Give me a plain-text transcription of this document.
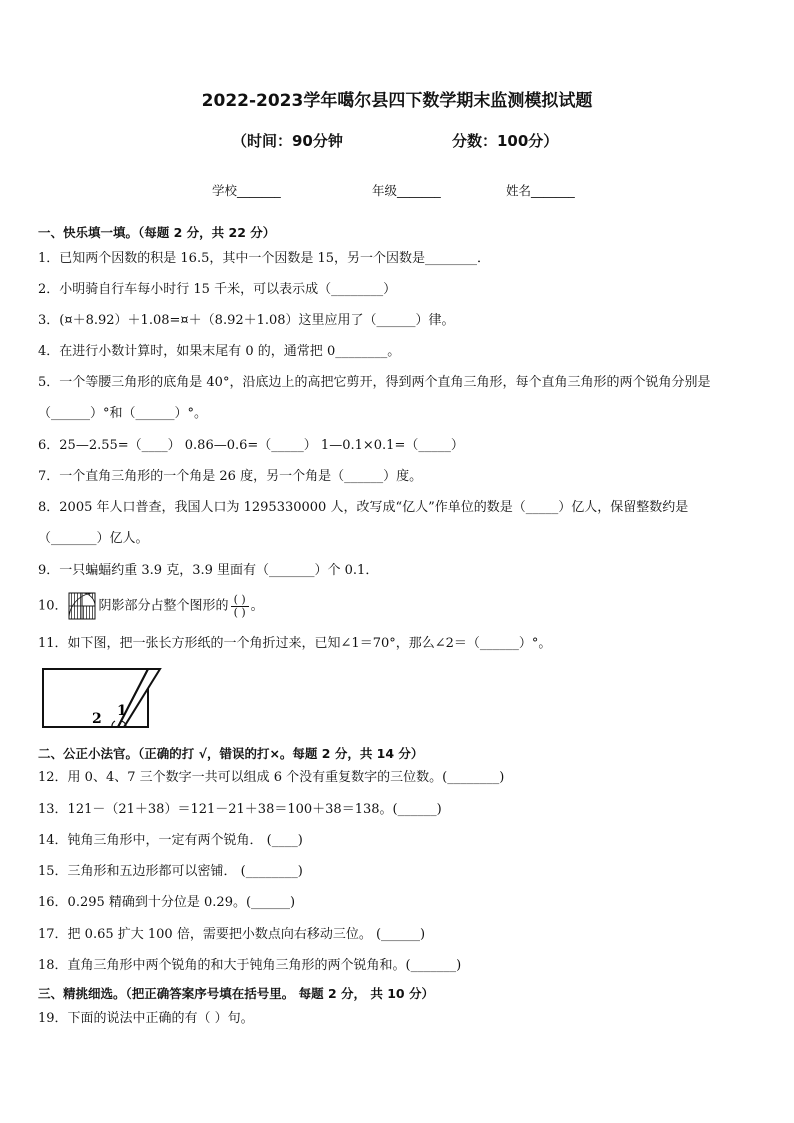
2022-2023学年噶尔县四下数学期末监测模拟试题
（时间：90分钟	分数：100分）
学校_______	年级_______	姓名_______
一、快乐填一填。（每题 2 分，共 22 分）
1．已知两个因数的积是 16.5，其中一个因数是 15，另一个因数是________．
2．小明骑自行车每小时行 15 千米，可以表示成（________）
3．(¤＋8.92）＋1.08=¤＋（8.92＋1.08）这里应用了（______）律。
4．在进行小数计算时，如果末尾有 0 的，通常把 0________。
5．一个等腰三角形的底角是 40°，沿底边上的高把它剪开，得到两个直角三角形，每个直角三角形的两个锐角分别是
（______）°和（______）°。
6．25—2.55=（____） 0.86—0.6=（_____） 1—0.1×0.1=（_____）
7．一个直角三角形的一个角是 26 度，另一个角是（______）度。
8．2005 年人口普查，我国人口为 1295330000 人，改写成“亿人”作单位的数是（_____）亿人，保留整数约是
（_______）亿人。
9．一只蝙蝠约重 3.9 克，3.9 里面有（_______）个 0.1．
10． 阴影部分占整个图形的 $\frac{( )}{( )}$ 。
11．如下图，把一张长方形纸的一个角折过来，已知∠1＝70°，那么∠2＝（______）°。
2 1
二、公正小法官。（正确的打 √，错误的打×。每题 2 分，共 14 分）
12．用 0、4、7 三个数字一共可以组成 6 个没有重复数字的三位数。(________)
13．121－（21＋38）＝121－21＋38＝100＋38＝138。(______)
14．钝角三角形中，一定有两个锐角． (____)
15．三角形和五边形都可以密铺． (________)
16．0.295 精确到十分位是 0.29。(______)
17．把 0.65 扩大 100 倍，需要把小数点向右移动三位。 (______)
18．直角三角形中两个锐角的和大于钝角三角形的两个锐角和。(_______)
三、精挑细选。（把正确答案序号填在括号里。 每题 2 分， 共 10 分）
19．下面的说法中正确的有（ ）句。
